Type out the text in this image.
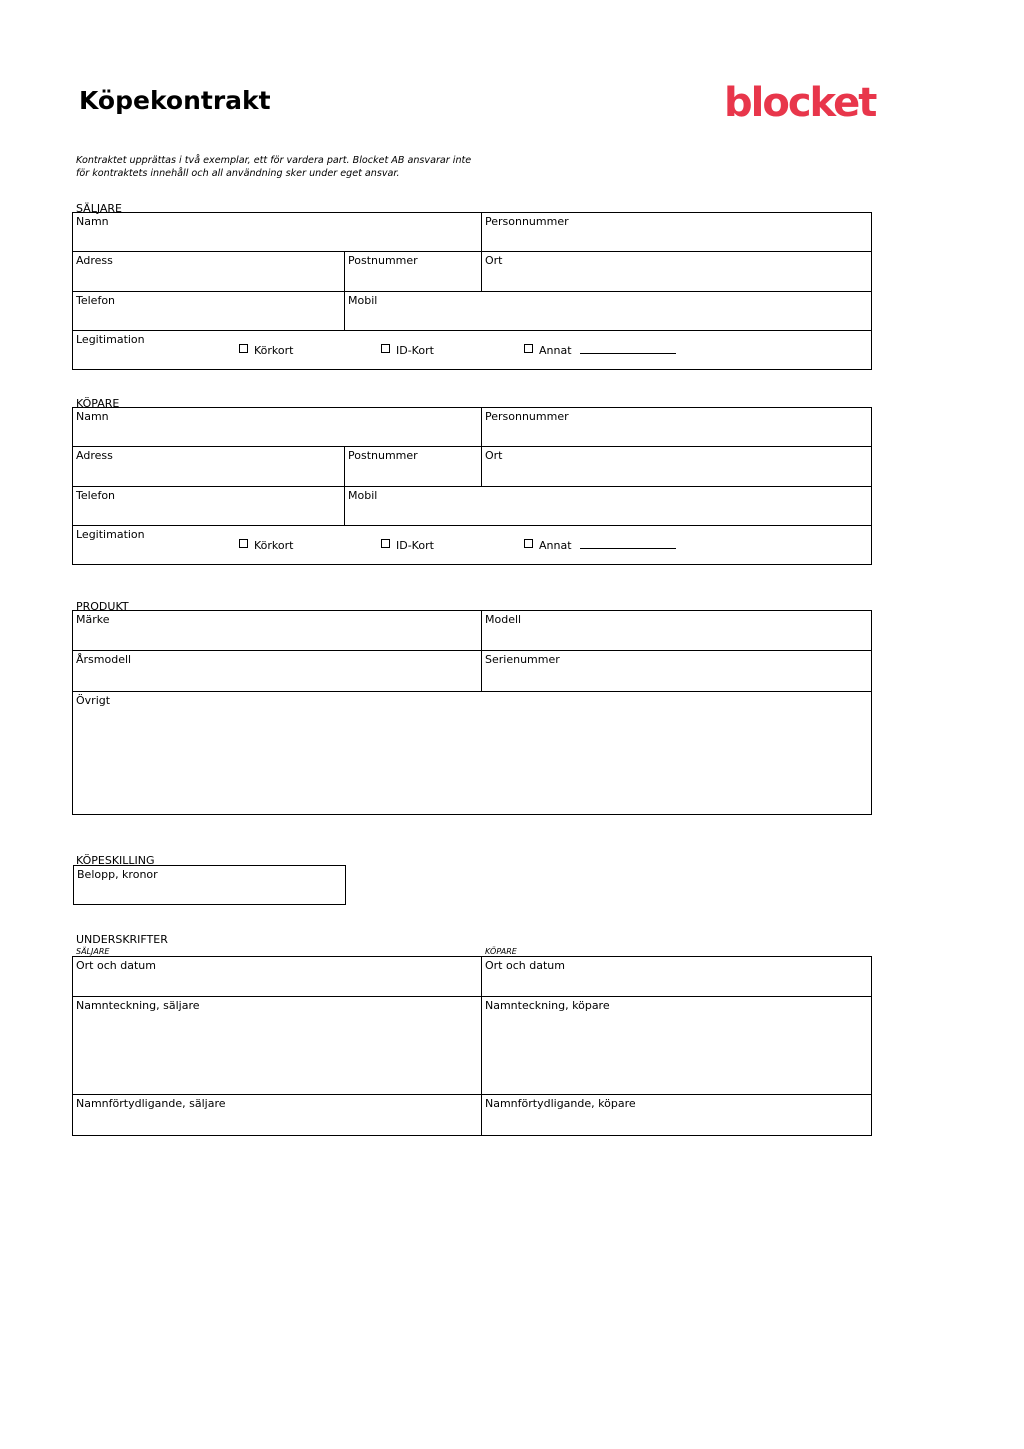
Köpekontrakt	blocket
Kontraktet upprättas i två exemplar, ett för vardera part. Blocket AB ansvarar inte
för kontraktets innehåll och all användning sker under eget ansvar.
SÄLJARE
Namn	Personnummer
Adress	Postnummer	Ort
Telefon	Mobil
Legitimation
Körkort	ID-Kort	Annat
KÖPARE
Namn	Personnummer
Adress	Postnummer	Ort
Telefon	Mobil
Legitimation
Körkort	ID-Kort	Annat
PRODUKT
Märke	Modell
Årsmodell	Serienummer
Övrigt
KÖPESKILLING
Belopp, kronor
UNDERSKRIFTER
SÄLJARE	KÖPARE
Ort och datum	Ort och datum
Namnteckning, säljare	Namnteckning, köpare
Namnförtydligande, säljare	Namnförtydligande, köpare
